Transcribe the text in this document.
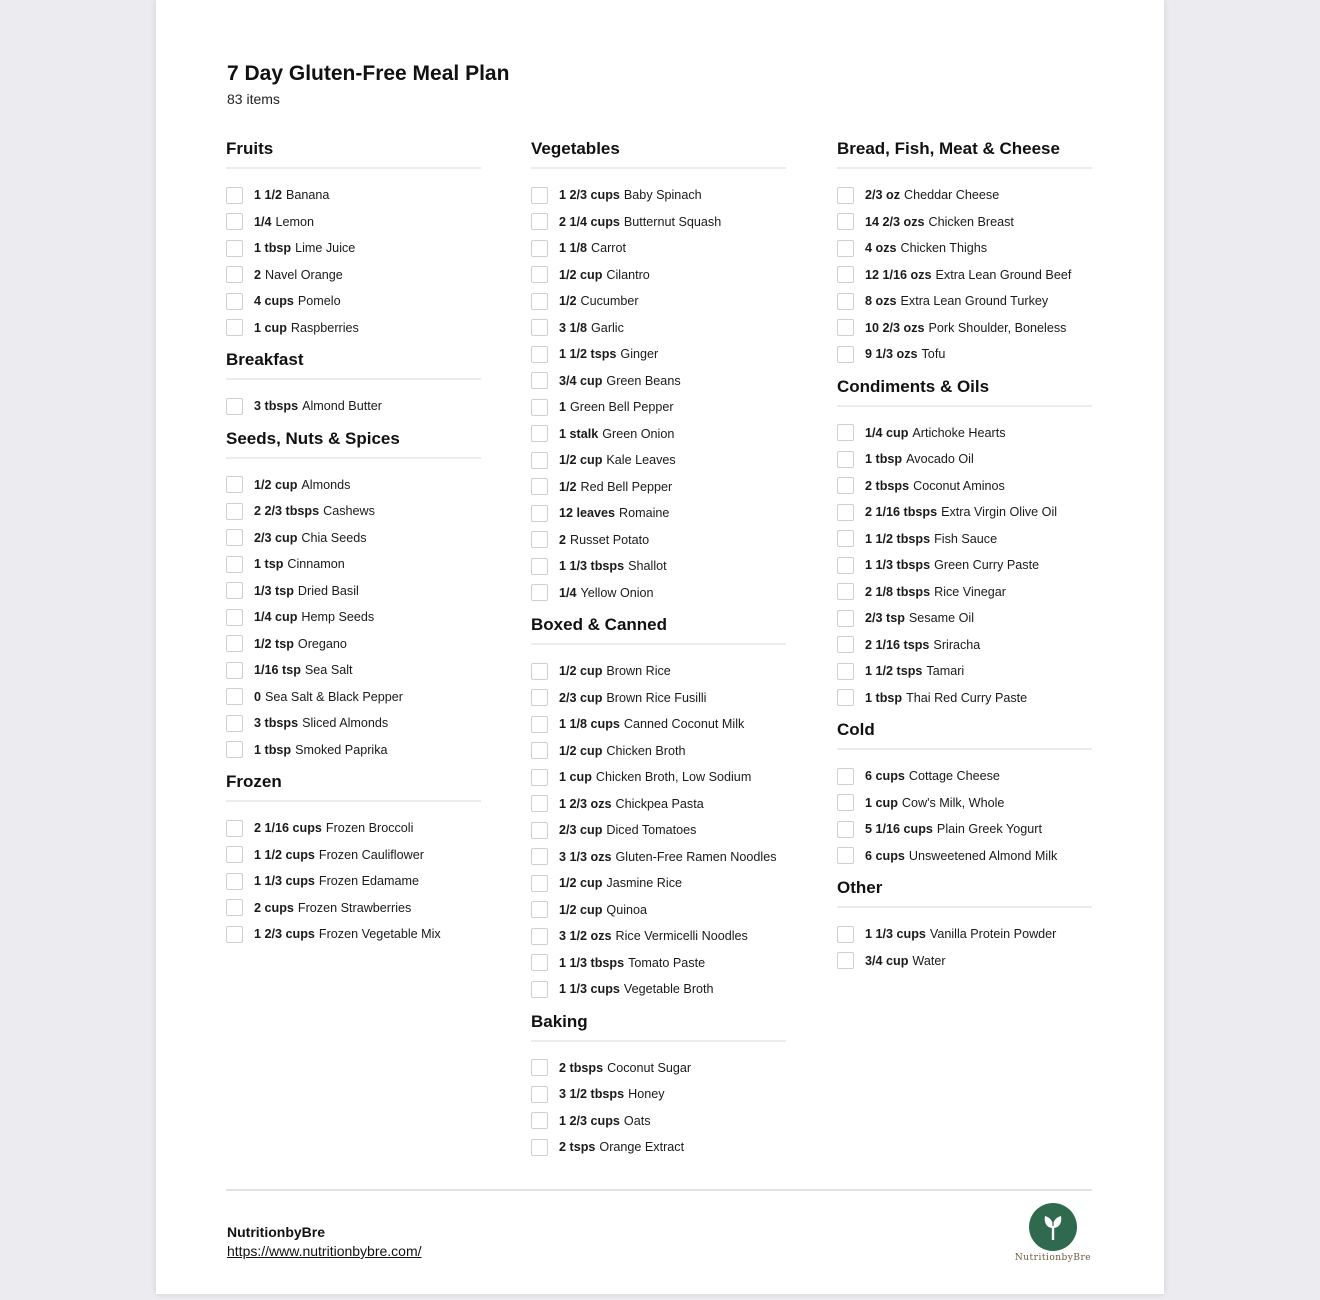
7 Day Gluten-Free Meal Plan
83 items
Fruits
1 1/2 Banana
1/4 Lemon
1 tbsp Lime Juice
2 Navel Orange
4 cups Pomelo
1 cup Raspberries
Breakfast
3 tbsps Almond Butter
Seeds, Nuts & Spices
1/2 cup Almonds
2 2/3 tbsps Cashews
2/3 cup Chia Seeds
1 tsp Cinnamon
1/3 tsp Dried Basil
1/4 cup Hemp Seeds
1/2 tsp Oregano
1/16 tsp Sea Salt
0 Sea Salt & Black Pepper
3 tbsps Sliced Almonds
1 tbsp Smoked Paprika
Frozen
2 1/16 cups Frozen Broccoli
1 1/2 cups Frozen Cauliflower
1 1/3 cups Frozen Edamame
2 cups Frozen Strawberries
1 2/3 cups Frozen Vegetable Mix
Vegetables
1 2/3 cups Baby Spinach
2 1/4 cups Butternut Squash
1 1/8 Carrot
1/2 cup Cilantro
1/2 Cucumber
3 1/8 Garlic
1 1/2 tsps Ginger
3/4 cup Green Beans
1 Green Bell Pepper
1 stalk Green Onion
1/2 cup Kale Leaves
1/2 Red Bell Pepper
12 leaves Romaine
2 Russet Potato
1 1/3 tbsps Shallot
1/4 Yellow Onion
Boxed & Canned
1/2 cup Brown Rice
2/3 cup Brown Rice Fusilli
1 1/8 cups Canned Coconut Milk
1/2 cup Chicken Broth
1 cup Chicken Broth, Low Sodium
1 2/3 ozs Chickpea Pasta
2/3 cup Diced Tomatoes
3 1/3 ozs Gluten-Free Ramen Noodles
1/2 cup Jasmine Rice
1/2 cup Quinoa
3 1/2 ozs Rice Vermicelli Noodles
1 1/3 tbsps Tomato Paste
1 1/3 cups Vegetable Broth
Baking
2 tbsps Coconut Sugar
3 1/2 tbsps Honey
1 2/3 cups Oats
2 tsps Orange Extract
Bread, Fish, Meat & Cheese
2/3 oz Cheddar Cheese
14 2/3 ozs Chicken Breast
4 ozs Chicken Thighs
12 1/16 ozs Extra Lean Ground Beef
8 ozs Extra Lean Ground Turkey
10 2/3 ozs Pork Shoulder, Boneless
9 1/3 ozs Tofu
Condiments & Oils
1/4 cup Artichoke Hearts
1 tbsp Avocado Oil
2 tbsps Coconut Aminos
2 1/16 tbsps Extra Virgin Olive Oil
1 1/2 tbsps Fish Sauce
1 1/3 tbsps Green Curry Paste
2 1/8 tbsps Rice Vinegar
2/3 tsp Sesame Oil
2 1/16 tsps Sriracha
1 1/2 tsps Tamari
1 tbsp Thai Red Curry Paste
Cold
6 cups Cottage Cheese
1 cup Cow's Milk, Whole
5 1/16 cups Plain Greek Yogurt
6 cups Unsweetened Almond Milk
Other
1 1/3 cups Vanilla Protein Powder
3/4 cup Water
NutritionbyBre
https://www.nutritionbybre.com/	NutritionbyBre
